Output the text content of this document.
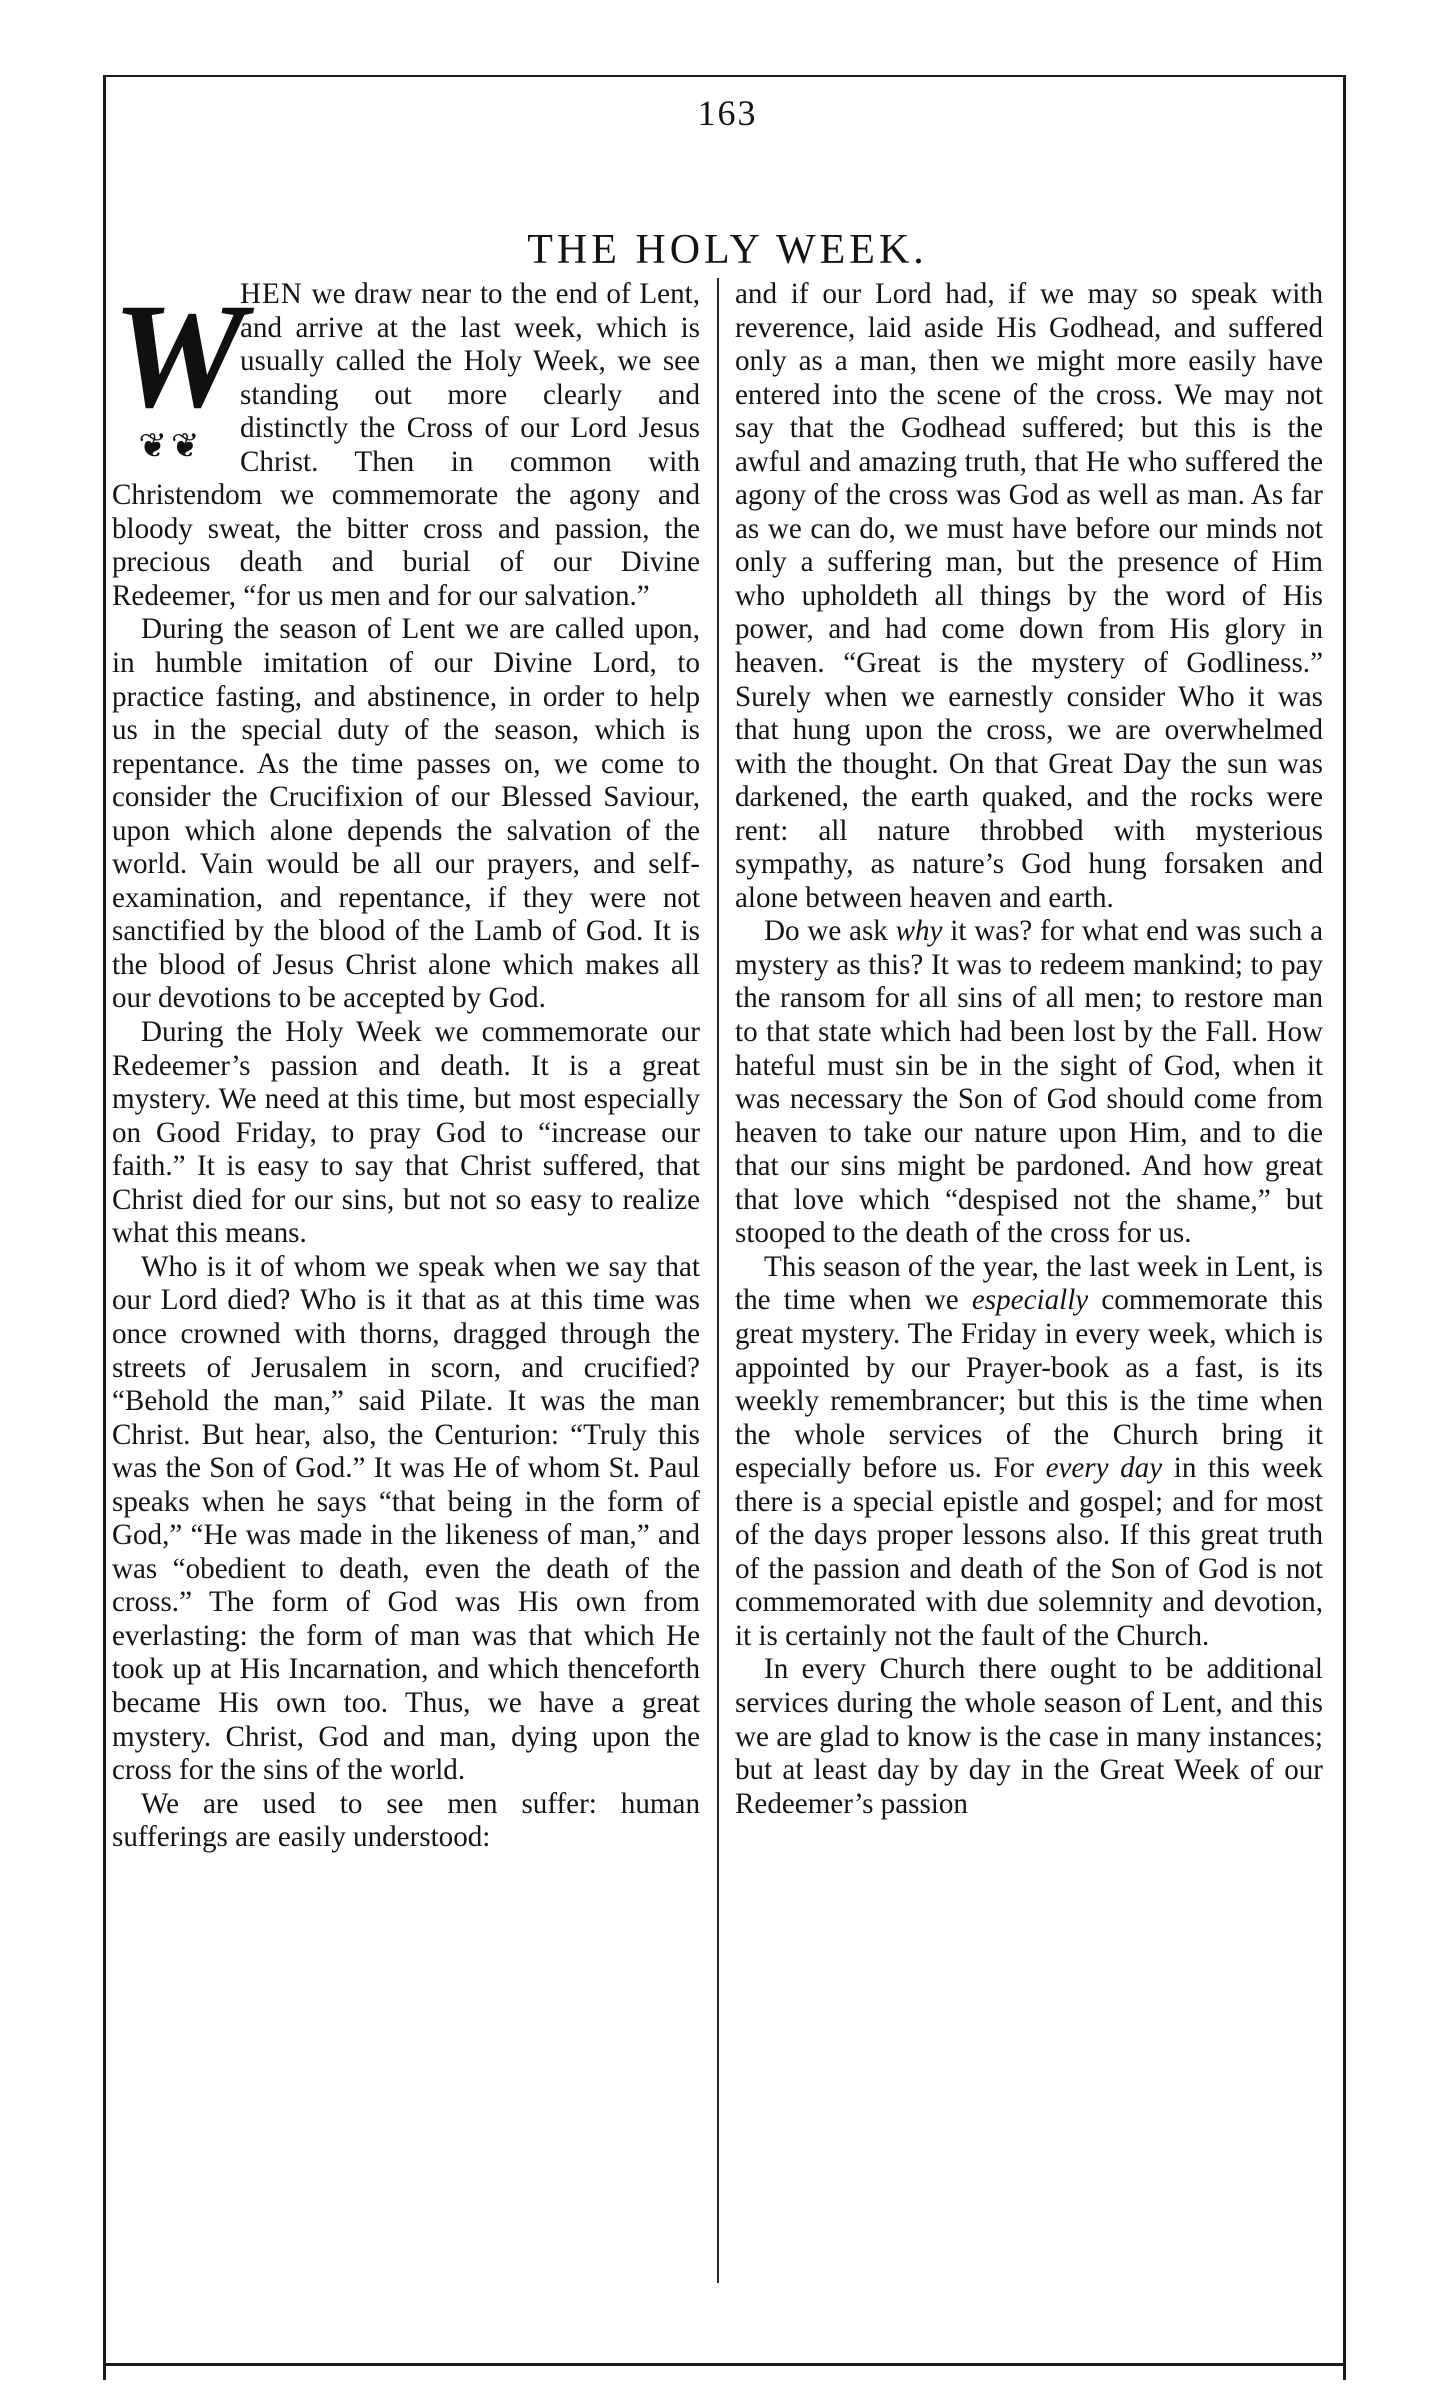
163
THE HOLY WEEK.
W
❦❦

HEN we draw near to the end of Lent, and arrive at the last week, which is usually called the Holy Week, we see standing out more clearly and distinctly the Cross of our Lord Jesus Christ. Then in common with Christendom we commemorate the agony and bloody sweat, the bitter cross and passion, the precious death and burial of our Divine Redeemer, “for us men and for our salvation.”

During the season of Lent we are called upon, in humble imitation of our Divine Lord, to practice fasting, and abstinence, in order to help us in the special duty of the season, which is repentance. As the time passes on, we come to consider the Crucifixion of our Blessed Saviour, upon which alone depends the salvation of the world. Vain would be all our prayers, and self-examination, and repentance, if they were not sanctified by the blood of the Lamb of God. It is the blood of Jesus Christ alone which makes all our devotions to be accepted by God.

During the Holy Week we commemorate our Redeemer’s passion and death. It is a great mystery. We need at this time, but most especially on Good Friday, to pray God to “increase our faith.” It is easy to say that Christ suffered, that Christ died for our sins, but not so easy to realize what this means.

Who is it of whom we speak when we say that our Lord died? Who is it that as at this time was once crowned with thorns, dragged through the streets of Jerusalem in scorn, and crucified? “Behold the man,” said Pilate. It was the man Christ. But hear, also, the Centurion: “Truly this was the Son of God.” It was He of whom St. Paul speaks when he says “that being in the form of God,” “He was made in the likeness of man,” and was “obedient to death, even the death of the cross.” The form of God was His own from everlasting: the form of man was that which He took up at His Incarnation, and which thenceforth became His own too. Thus, we have a great mystery. Christ, God and man, dying upon the cross for the sins of the world.

We are used to see men suffer: human sufferings are easily understood:

and if our Lord had, if we may so speak with reverence, laid aside His Godhead, and suffered only as a man, then we might more easily have entered into the scene of the cross. We may not say that the Godhead suffered; but this is the awful and amazing truth, that He who suffered the agony of the cross was God as well as man. As far as we can do, we must have before our minds not only a suffering man, but the presence of Him who upholdeth all things by the word of His power, and had come down from His glory in heaven. “Great is the mystery of Godliness.” Surely when we earnestly consider Who it was that hung upon the cross, we are overwhelmed with the thought. On that Great Day the sun was darkened, the earth quaked, and the rocks were rent: all nature throbbed with mysterious sympathy, as nature’s God hung forsaken and alone between heaven and earth.

Do we ask why it was? for what end was such a mystery as this? It was to redeem mankind; to pay the ransom for all sins of all men; to restore man to that state which had been lost by the Fall. How hateful must sin be in the sight of God, when it was necessary the Son of God should come from heaven to take our nature upon Him, and to die that our sins might be pardoned. And how great that love which “despised not the shame,” but stooped to the death of the cross for us.

This season of the year, the last week in Lent, is the time when we especially commemorate this great mystery. The Friday in every week, which is appointed by our Prayer-book as a fast, is its weekly remembrancer; but this is the time when the whole services of the Church bring it especially before us. For every day in this week there is a special epistle and gospel; and for most of the days proper lessons also. If this great truth of the passion and death of the Son of God is not commemorated with due solemnity and devotion, it is certainly not the fault of the Church.

In every Church there ought to be additional services during the whole season of Lent, and this we are glad to know is the case in many instances; but at least day by day in the Great Week of our Redeemer’s passion
